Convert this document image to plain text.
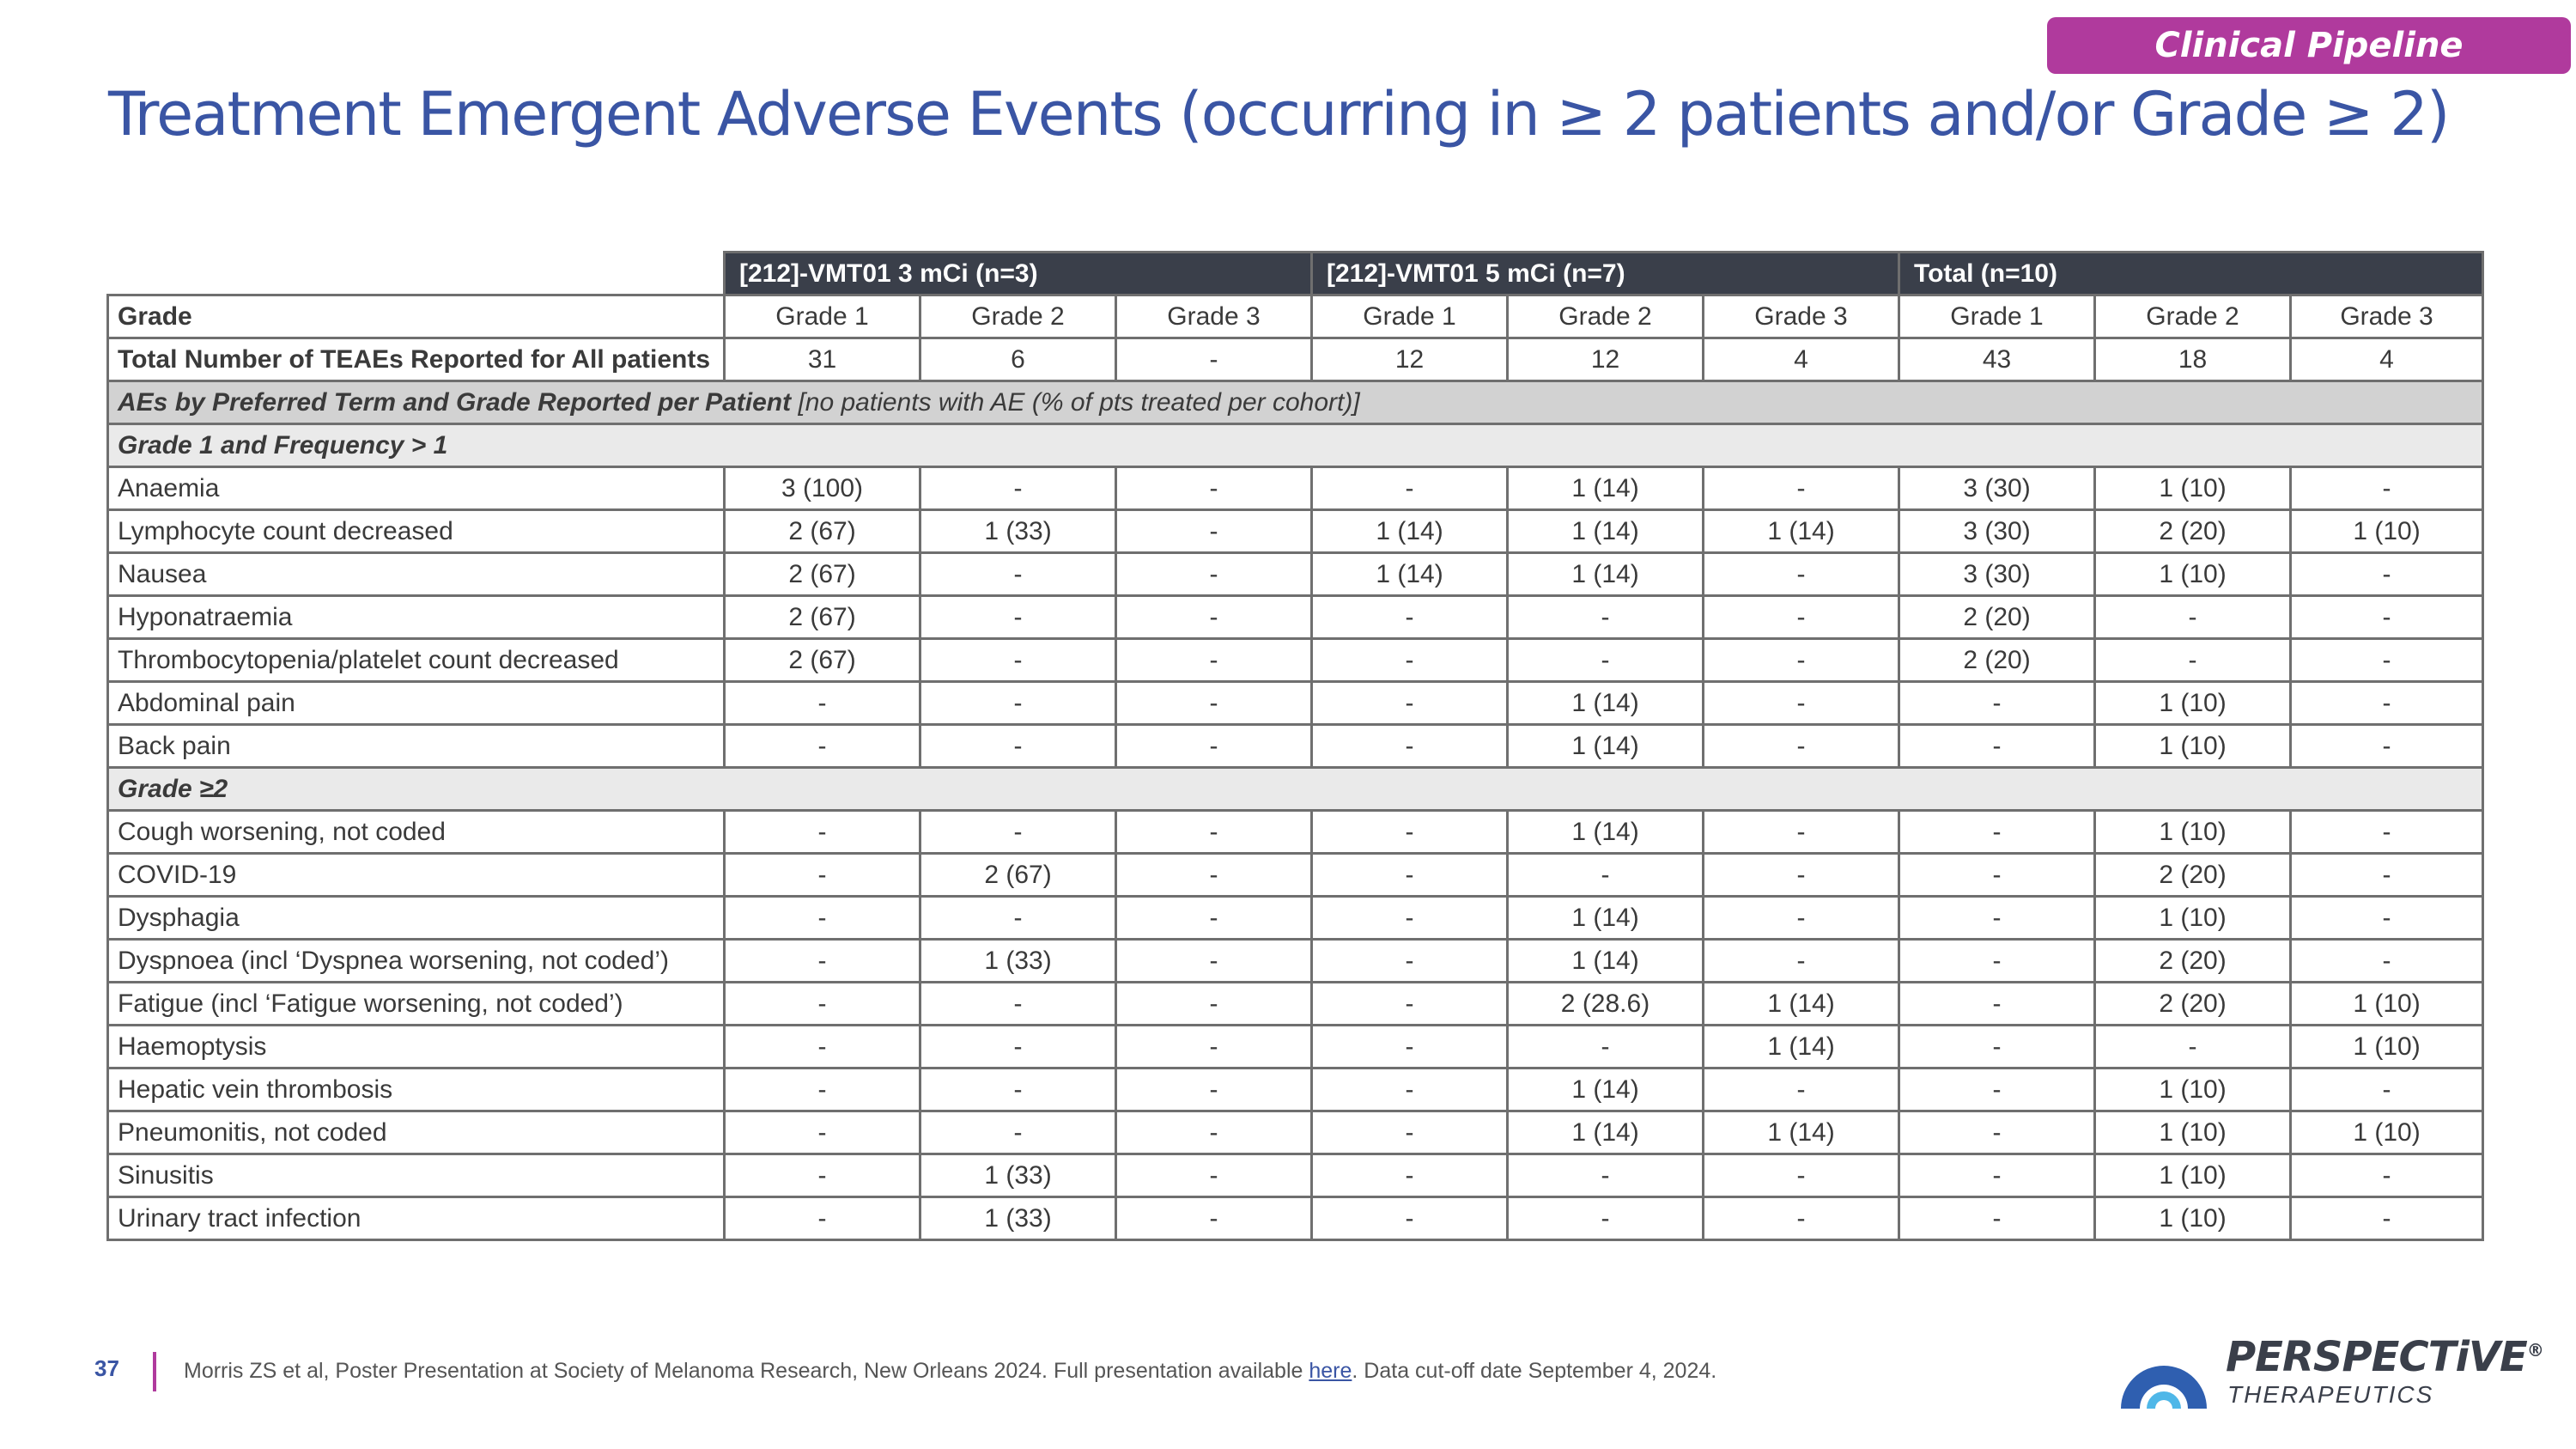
Clinical Pipeline
Treatment Emergent Adverse Events (occurring in ≥ 2 patients and/or Grade ≥ 2)
	[212]-VMT01 3 mCi (n=3)			[212]-VMT01 5 mCi (n=7)			Total (n=10)		
Grade	Grade 1	Grade 2	Grade 3	Grade 1	Grade 2	Grade 3	Grade 1	Grade 2	Grade 3
Total Number of TEAEs Reported for All patients	31	6	-	12	12	4	43	18	4
AEs by Preferred Term and Grade Reported per Patient [no patients with AE (% of pts treated per cohort)]									
Grade 1 and Frequency > 1									
Anaemia	3 (100)	-	-	-	1 (14)	-	3 (30)	1 (10)	-
Lymphocyte count decreased	2 (67)	1 (33)	-	1 (14)	1 (14)	1 (14)	3 (30)	2 (20)	1 (10)
Nausea	2 (67)	-	-	1 (14)	1 (14)	-	3 (30)	1 (10)	-
Hyponatraemia	2 (67)	-	-	-	-	-	2 (20)	-	-
Thrombocytopenia/platelet count decreased	2 (67)	-	-	-	-	-	2 (20)	-	-
Abdominal pain	-	-	-	-	1 (14)	-	-	1 (10)	-
Back pain	-	-	-	-	1 (14)	-	-	1 (10)	-
Grade ≥2									
Cough worsening, not coded	-	-	-	-	1 (14)	-	-	1 (10)	-
COVID-19	-	2 (67)	-	-	-	-	-	2 (20)	-
Dysphagia	-	-	-	-	1 (14)	-	-	1 (10)	-
Dyspnoea (incl ‘Dyspnea worsening, not coded’)	-	1 (33)	-	-	1 (14)	-	-	2 (20)	-
Fatigue (incl ‘Fatigue worsening, not coded’)	-	-	-	-	2 (28.6)	1 (14)	-	2 (20)	1 (10)
Haemoptysis	-	-	-	-	-	1 (14)	-	-	1 (10)
Hepatic vein thrombosis	-	-	-	-	1 (14)	-	-	1 (10)	-
Pneumonitis, not coded	-	-	-	-	1 (14)	1 (14)	-	1 (10)	1 (10)
Sinusitis	-	1 (33)	-	-	-	-	-	1 (10)	-
Urinary tract infection	-	1 (33)	-	-	-	-	-	1 (10)	-
37	Morris ZS et al, Poster Presentation at Society of Melanoma Research, New Orleans 2024. Full presentation available here. Data cut-off date September 4, 2024.	PERSPECTiVE®
THERAPEUTICS
